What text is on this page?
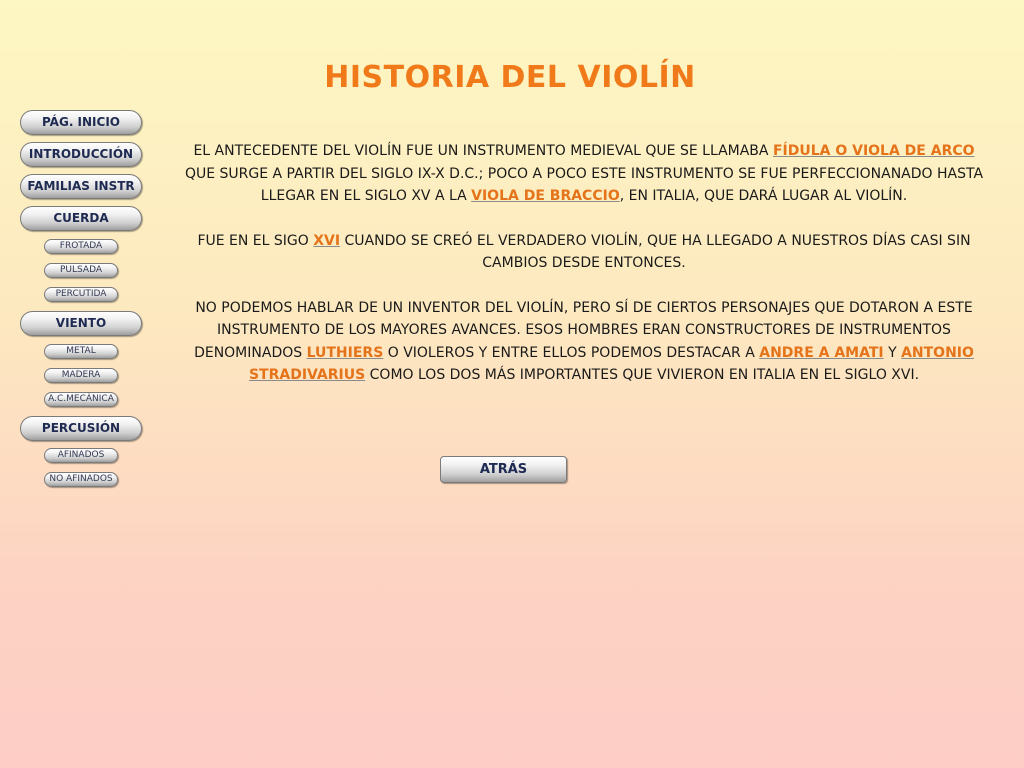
HISTORIA DEL VIOLÍN
PÁG. INICIO
INTRODUCCIÓN
FAMILIAS INSTR
CUERDA
FROTADA
PULSADA
PERCUTIDA
VIENTO
METAL
MADERA
A.C.MECÁNICA
PERCUSIÓN
AFINADOS
NO AFINADOS

EL ANTECEDENTE DEL VIOLÍN FUE UN INSTRUMENTO MEDIEVAL QUE SE LLAMABA FÍDULA O VIOLA DE ARCO QUE SURGE A PARTIR DEL SIGLO IX-X D.C.; POCO A POCO ESTE INSTRUMENTO SE FUE PERFECCIONANADO HASTA LLEGAR EN EL SIGLO XV A LA VIOLA DE BRACCIO, EN ITALIA, QUE DARÁ LUGAR AL VIOLÍN.

FUE EN EL SIGO XVI CUANDO SE CREÓ EL VERDADERO VIOLÍN, QUE HA LLEGADO A NUESTROS DÍAS CASI SIN CAMBIOS DESDE ENTONCES.

NO PODEMOS HABLAR DE UN INVENTOR DEL VIOLÍN, PERO SÍ DE CIERTOS PERSONAJES QUE DOTARON A ESTE INSTRUMENTO DE LOS MAYORES AVANCES. ESOS HOMBRES ERAN CONSTRUCTORES DE INSTRUMENTOS DENOMINADOS LUTHIERS O VIOLEROS Y ENTRE ELLOS PODEMOS DESTACAR A ANDRE A AMATI Y ANTONIO STRADIVARIUS COMO LOS DOS MÁS IMPORTANTES QUE VIVIERON EN ITALIA EN EL SIGLO XVI.

ATRÁS
